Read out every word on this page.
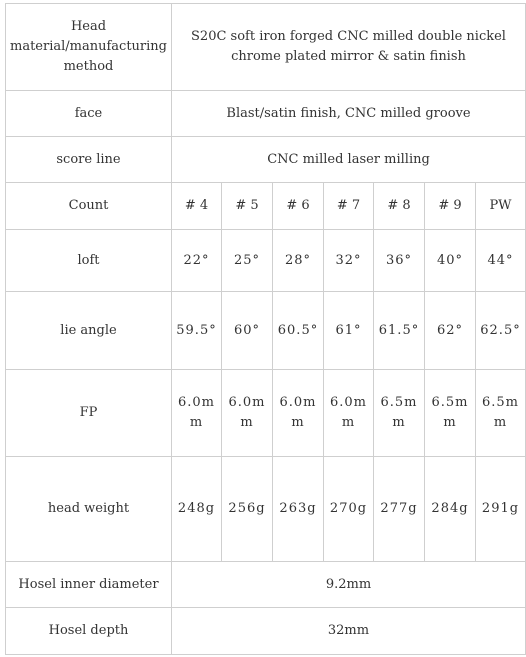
Head material/manufacturing method	S20C soft iron forged CNC milled double nickel chrome plated mirror & satin finish						
face	Blast/satin finish, CNC milled groove						
score line	CNC milled laser milling						
Count	# 4	# 5	# 6	# 7	# 8	# 9	PW
loft	22°	25°	28°	32°	36°	40°	44°
lie angle	59.5°	60°	60.5°	61°	61.5°	62°	62.5°
FP	6.0mm	6.0mm	6.0mm	6.0mm	6.5mm	6.5mm	6.5mm
head weight	248g	256g	263g	270g	277g	284g	291g
Hosel inner diameter	9.2mm						
Hosel depth	32mm						
